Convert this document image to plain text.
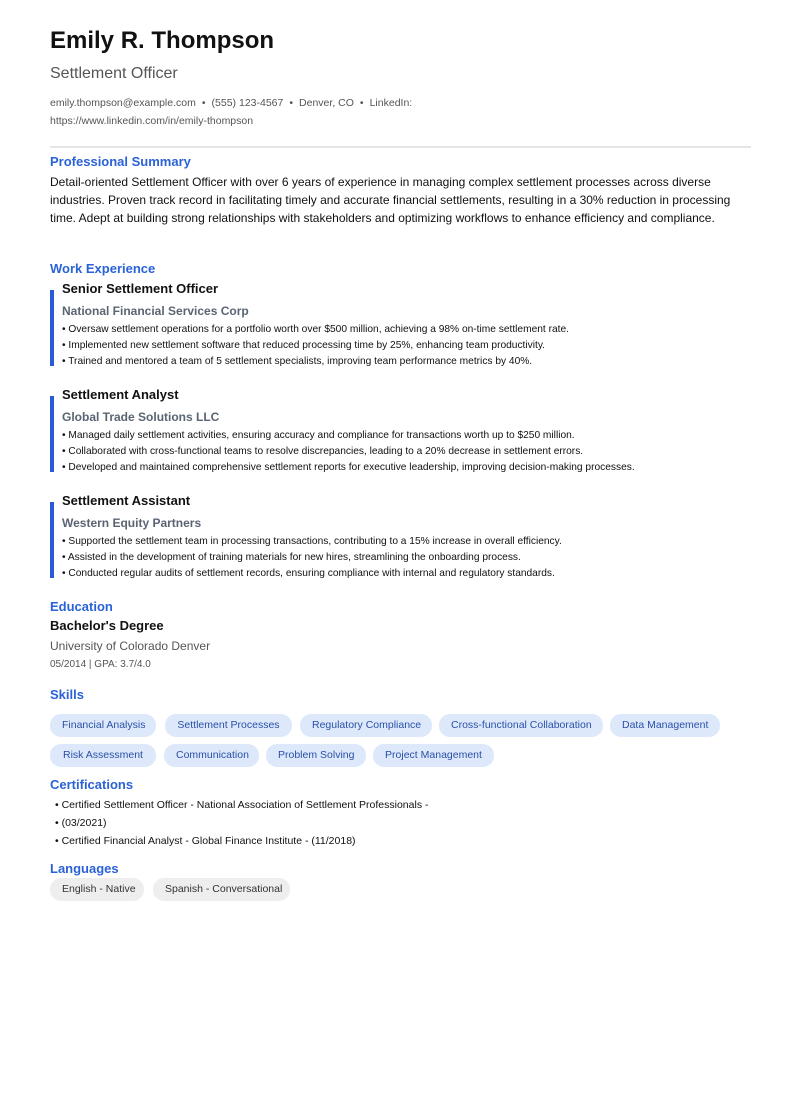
Emily R. Thompson
Settlement Officer
emily.thompson@example.com • (555) 123-4567 • Denver, CO • LinkedIn:
https://www.linkedin.com/in/emily-thompson
Professional Summary
Detail-oriented Settlement Officer with over 6 years of experience in managing complex settlement processes across diverse industries. Proven track record in facilitating timely and accurate financial settlements, resulting in a 30% reduction in processing time. Adept at building strong relationships with stakeholders and optimizing workflows to enhance efficiency and compliance.
Work Experience
Senior Settlement Officer
National Financial Services Corp
• Oversaw settlement operations for a portfolio worth over $500 million, achieving a 98% on-time settlement rate.
• Implemented new settlement software that reduced processing time by 25%, enhancing team productivity.
• Trained and mentored a team of 5 settlement specialists, improving team performance metrics by 40%.
Settlement Analyst
Global Trade Solutions LLC
• Managed daily settlement activities, ensuring accuracy and compliance for transactions worth up to $250 million.
• Collaborated with cross-functional teams to resolve discrepancies, leading to a 20% decrease in settlement errors.
• Developed and maintained comprehensive settlement reports for executive leadership, improving decision-making processes.
Settlement Assistant
Western Equity Partners
• Supported the settlement team in processing transactions, contributing to a 15% increase in overall efficiency.
• Assisted in the development of training materials for new hires, streamlining the onboarding process.
• Conducted regular audits of settlement records, ensuring compliance with internal and regulatory standards.
Education
Bachelor's Degree
University of Colorado Denver
05/2014 | GPA: 3.7/4.0
Skills
Financial Analysis	Settlement Processes	Regulatory Compliance	Cross-functional Collaboration	Data Management
Risk Assessment	Communication	Problem Solving	Project Management
Certifications
• Certified Settlement Officer - National Association of Settlement Professionals -
• (03/2021)
• Certified Financial Analyst - Global Finance Institute - (11/2018)
Languages
English - Native	Spanish - Conversational
